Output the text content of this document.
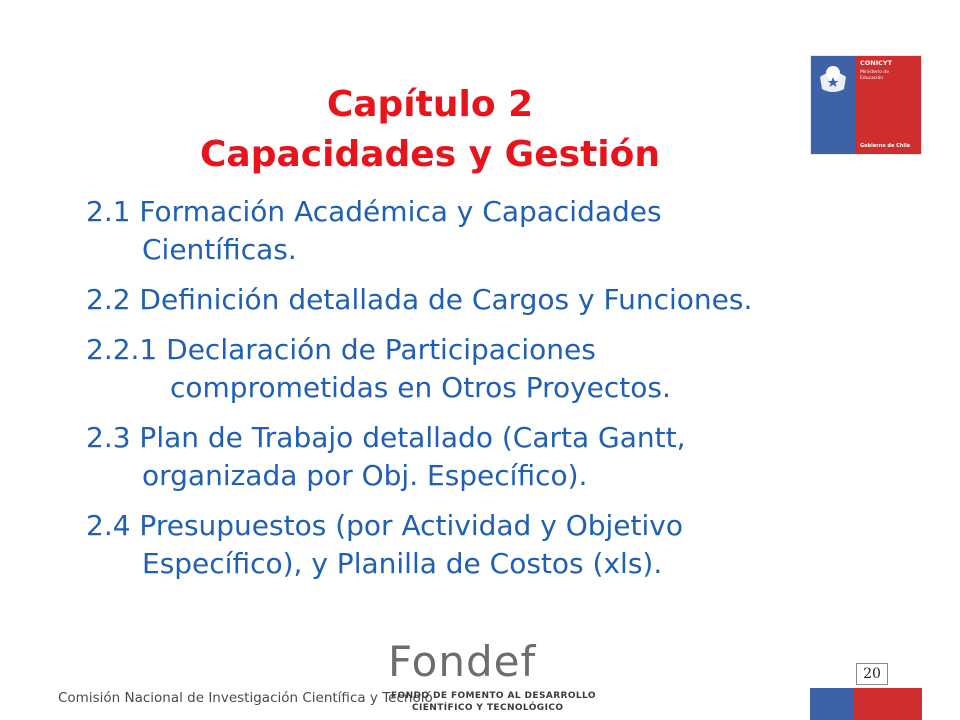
Capítulo 2
Capacidades y Gestión
CONICYT
Ministerio de
Educación
Gobierno de Chile
2.1 Formación Académica y Capacidades
Científicas.
2.2 Definición detallada de Cargos y Funciones.
2.2.1 Declaración de Participaciones
comprometidas en Otros Proyectos.
2.3 Plan de Trabajo detallado (Carta Gantt,
organizada por Obj. Específico).
2.4 Presupuestos (por Actividad y Objetivo
Específico), y Planilla de Costos (xls).
Comisión Nacional de Investigación Científica y Tecnoló
Fondef
FONDO DE FOMENTO AL DESARROLLO
CIENTÍFICO Y TECNOLÓGICO
20
